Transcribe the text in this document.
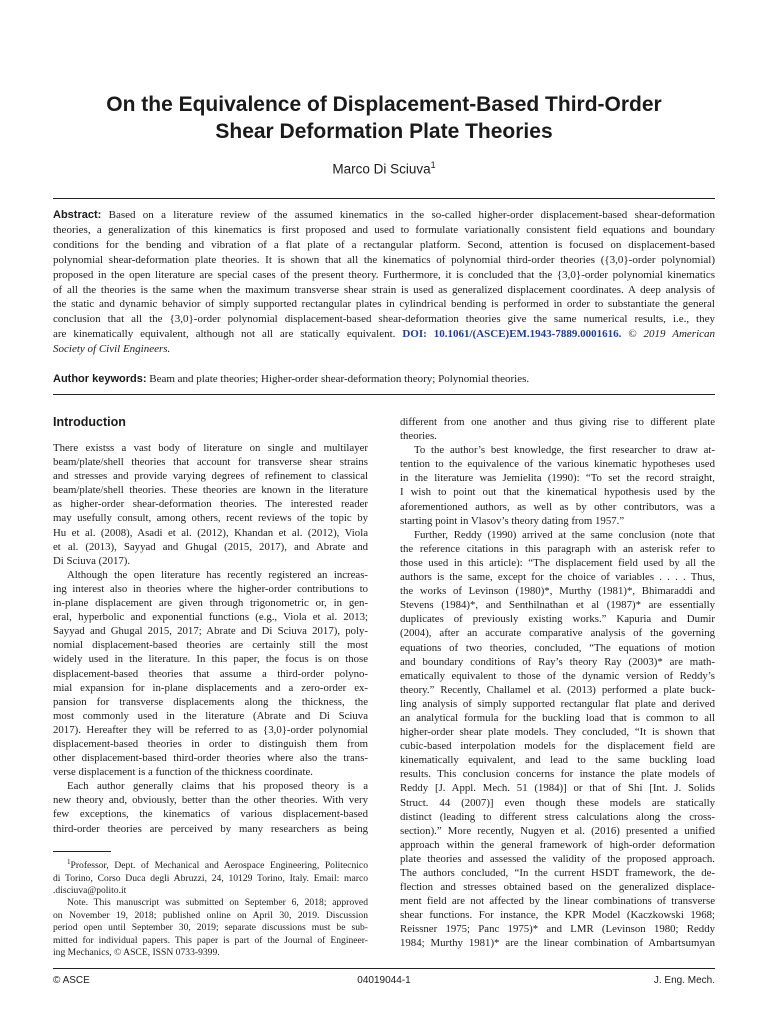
On the Equivalence of Displacement-Based Third-Order
Shear Deformation Plate Theories
Marco Di Sciuva$^1$
Abstract: Based on a literature review of the assumed kinematics in the so-called higher-order displacement-based shear-deformation
theories, a generalization of this kinematics is first proposed and used to formulate variationally consistent field equations and boundary
conditions for the bending and vibration of a flat plate of a rectangular platform. Second, attention is focused on displacement-based
polynomial shear-deformation plate theories. It is shown that all the kinematics of polynomial third-order theories ({3,0}-order polynomial)
proposed in the open literature are special cases of the present theory. Furthermore, it is concluded that the {3,0}-order polynomial kinematics
of all the theories is the same when the maximum transverse shear strain is used as generalized displacement coordinates. A deep analysis of
the static and dynamic behavior of simply supported rectangular plates in cylindrical bending is performed in order to substantiate the general
conclusion that all the {3,0}-order polynomial displacement-based shear-deformation theories give the same numerical results, i.e., they
are kinematically equivalent, although not all are statically equivalent. DOI: 10.1061/(ASCE)EM.1943-7889.0001616. © 2019 American
Society of Civil Engineers.
Author keywords: Beam and plate theories; Higher-order shear-deformation theory; Polynomial theories.
Introduction
There existss a vast body of literature on single and multilayer
beam/plate/shell theories that account for transverse shear strains
and stresses and provide varying degrees of refinement to classical
beam/plate/shell theories. These theories are known in the literature
as higher-order shear-deformation theories. The interested reader
may usefully consult, among others, recent reviews of the topic by
Hu et al. (2008), Asadi et al. (2012), Khandan et al. (2012), Viola
et al. (2013), Sayyad and Ghugal (2015, 2017), and Abrate and
Di Sciuva (2017).
Although the open literature has recently registered an increas-
ing interest also in theories where the higher-order contributions to
in-plane displacement are given through trigonometric or, in gen-
eral, hyperbolic and exponential functions (e.g., Viola et al. 2013;
Sayyad and Ghugal 2015, 2017; Abrate and Di Sciuva 2017), poly-
nomial displacement-based theories are certainly still the most
widely used in the literature. In this paper, the focus is on those
displacement-based theories that assume a third-order polyno-
mial expansion for in-plane displacements and a zero-order ex-
pansion for transverse displacements along the thickness, the
most commonly used in the literature (Abrate and Di Sciuva
2017). Hereafter they will be referred to as {3,0}-order polynomial
displacement-based theories in order to distinguish them from
other displacement-based third-order theories where also the trans-
verse displacement is a function of the thickness coordinate.
Each author generally claims that his proposed theory is a
new theory and, obviously, better than the other theories. With very
few exceptions, the kinematics of various displacement-based
third-order theories are perceived by many researchers as being
$^1$Professor, Dept. of Mechanical and Aerospace Engineering, Politecnico
di Torino, Corso Duca degli Abruzzi, 24, 10129 Torino, Italy. Email: marco
.disciuva@polito.it
Note. This manuscript was submitted on September 6, 2018; approved
on November 19, 2018; published online on April 30, 2019. Discussion
period open until September 30, 2019; separate discussions must be sub-
mitted for individual papers. This paper is part of the Journal of Engineer-
ing Mechanics, © ASCE, ISSN 0733-9399.
different from one another and thus giving rise to different plate
theories.
To the author’s best knowledge, the first researcher to draw at-
tention to the equivalence of the various kinematic hypotheses used
in the literature was Jemielita (1990): “To set the record straight,
I wish to point out that the kinematical hypothesis used by the
aforementioned authors, as well as by other contributors, was a
starting point in Vlasov’s theory dating from 1957.”
Further, Reddy (1990) arrived at the same conclusion (note that
the reference citations in this paragraph with an asterisk refer to
those used in this article): “The displacement field used by all the
authors is the same, except for the choice of variables . . . . Thus,
the works of Levinson (1980)*, Murthy (1981)*, Bhimaraddi and
Stevens (1984)*, and Senthilnathan et al (1987)* are essentially
duplicates of previously existing works.” Kapuria and Dumir
(2004), after an accurate comparative analysis of the governing
equations of two theories, concluded, “The equations of motion
and boundary conditions of Ray’s theory Ray (2003)* are math-
ematically equivalent to those of the dynamic version of Reddy’s
theory.” Recently, Challamel et al. (2013) performed a plate buck-
ling analysis of simply supported rectangular flat plate and derived
an analytical formula for the buckling load that is common to all
higher-order shear plate models. They concluded, “It is shown that
cubic-based interpolation models for the displacement field are
kinematically equivalent, and lead to the same buckling load
results. This conclusion concerns for instance the plate models of
Reddy [J. Appl. Mech. 51 (1984)] or that of Shi [Int. J. Solids
Struct. 44 (2007)] even though these models are statically
distinct (leading to different stress calculations along the cross-
section).” More recently, Nugyen et al. (2016) presented a unified
approach within the general framework of high-order deformation
plate theories and assessed the validity of the proposed approach.
The authors concluded, “In the current HSDT framework, the de-
flection and stresses obtained based on the generalized displace-
ment field are not affected by the linear combinations of transverse
shear functions. For instance, the KPR Model (Kaczkowski 1968;
Reissner 1975; Panc 1975)* and LMR (Levinson 1980; Reddy
1984; Murthy 1981)* are the linear combination of Ambartsumyan
© ASCE	04019044-1	J. Eng. Mech.
